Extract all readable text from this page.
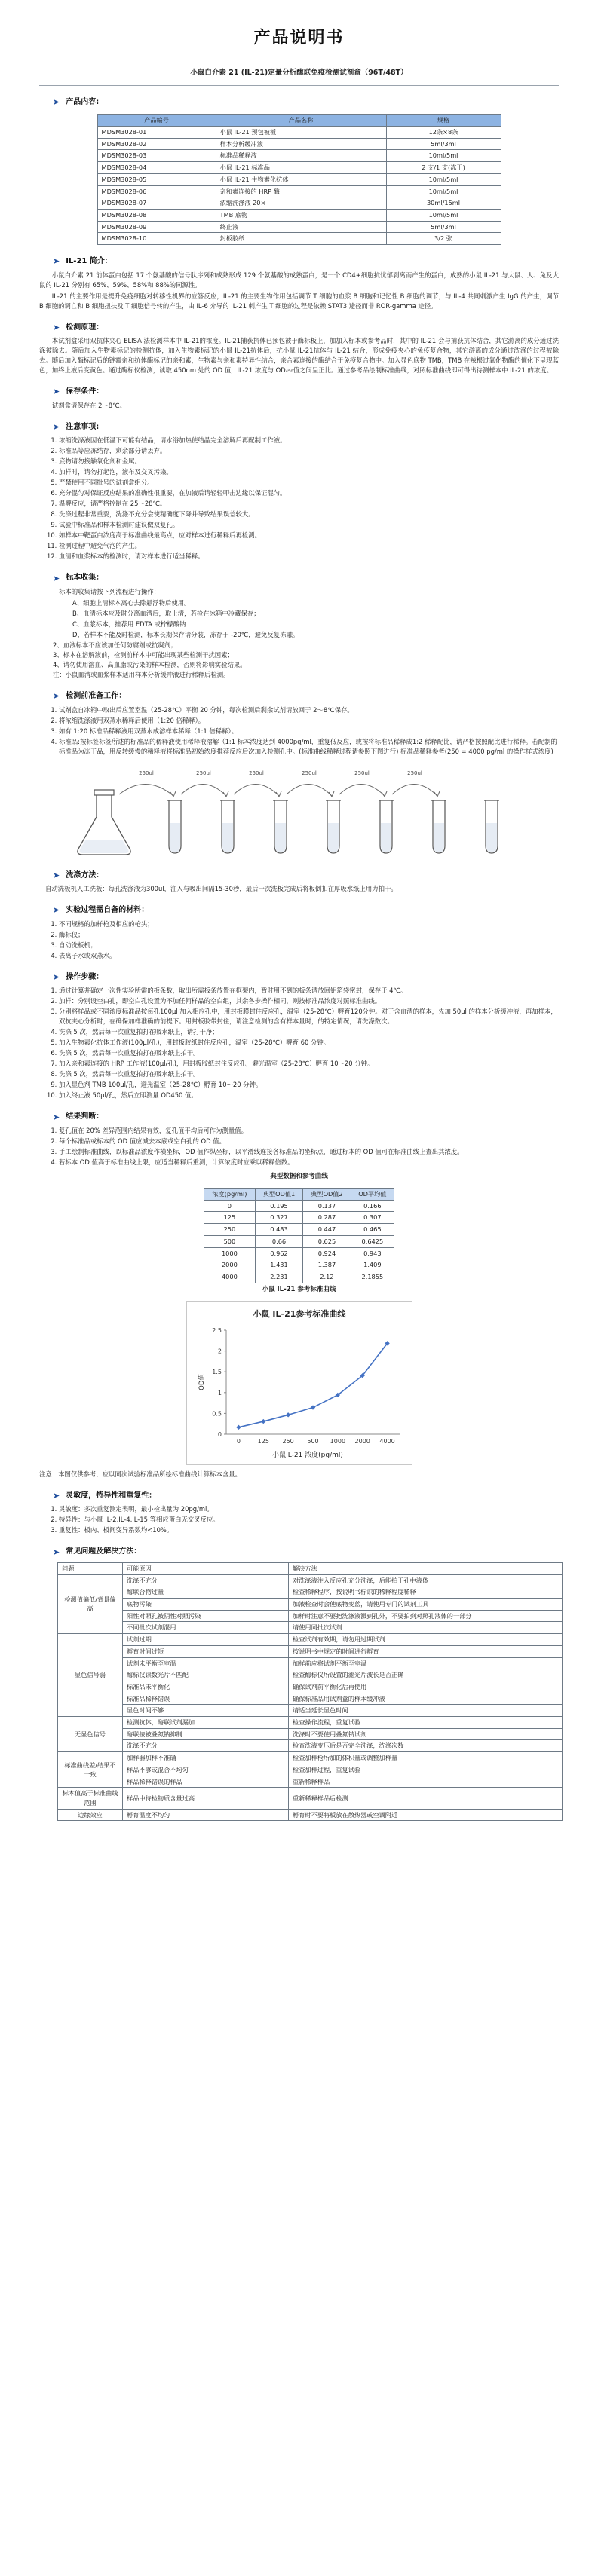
产品说明书
小鼠白介素 21 (IL-21)定量分析酶联免疫检测试剂盒（96T/48T）
➤ 产品内容:
产品编号	产品名称	规格
MDSM3028-01	小鼠 IL-21 预包被板	12条×8条
MDSM3028-02	样本分析缓冲液	5ml/3ml
MDSM3028-03	标准品稀释液	10ml/5ml
MDSM3028-04	小鼠 IL-21 标准品	2 支/1 支(冻干)
MDSM3028-05	小鼠 IL-21 生物素化抗体	10ml/5ml
MDSM3028-06	亲和素连接的 HRP 酶	10ml/5ml
MDSM3028-07	浓缩洗涤液 20×	30ml/15ml
MDSM3028-08	TMB 底物	10ml/5ml
MDSM3028-09	终止液	5ml/3ml
MDSM3028-10	封板胶纸	3/2 张
➤ IL-21 简介：
小鼠白介素 21 前体蛋白包括 17 个氨基酸的信号肽序列和成熟形成 129 个氨基酸的成熟蛋白，是一个 CD4+细胞抗忧郁剥离而产生的蛋白，成熟的小鼠 IL-21 与大鼠、人、兔及大鼠的 IL-21 分别有 65%、59%、58%和 88%的同源性。
IL-21 的主要作用是提升免疫细胞对转移性机界的应答反应，IL-21 的主要生物作用包括调节 T 细胞的血浆 B 细胞和记忆性 B 细胞的调节，与 IL-4 共同刺激产生 IgG 的产生，调节 B 细胞的调亡和 B 细胞扭扶及 T 细胞信号转的产生，由 IL-6 介导的 IL-21 刺产生 T 细胞的过程是依赖 STAT3 途径而非 ROR-gamma 途径。
➤ 检测原理：
本试剂盒采用双抗体夹心 ELISA 法检测样本中 IL-21的浓度。IL-21捕获抗体已预包被于酶标板上，加加入标本或参考品时，其中的 IL-21 会与捕获抗体结合，其它游离的成分通过洗涤被除去。随后加入生物素标记的检测抗体，加入生物素标记的小鼠 IL-21抗体后，抗小鼠 IL-21抗体与 IL-21 结合，形成免疫夹心的免疫复合物，其它游离的成分通过洗涤的过程被除去。随后加入酶标记后的链霉亲和抗体酶标记的亲和素，生物素与亲和素特异性结合，亲合素连接的酶结合于免疫复合物中。加入显色底物 TMB，TMB 在辣根过氧化物酶的催化下呈现蓝色，加终止液后变黄色。通过酶标仪检测，读取 450nm 处的 OD 值，IL-21 浓度与 OD₄₅₀值之间呈正比。通过参考品绘制标准曲线，对照标准曲线即可得出待测样本中 IL-21 的浓度。
➤ 保存条件：
试剂盒请保存在 2～8℃。
➤ 注意事项:
1. 浓缩洗涤液因在低温下可能有结晶，请水浴加热使结晶完全溶解后再配制工作液。
2. 标准品等应冻结存，剩余部分请丢弃。
3. 底物请勿接触氧化剂和金属。
4. 加样时，请勿打起泡，液布及交叉污染。
5. 严禁使用不同批号的试剂盒组分。
6. 充分混匀对保证反应结果的准确性很重要，在加液后请轻轻叩击边缘以保证混匀。
7. 温孵反应，请严格控制在 25～28℃。
8. 洗涤过程非常重要，洗涤不充分会使精确度下降并导致结果误差较大。
9. 试验中标准品和样本检测时建议做双复孔。
10. 如样本中靶蛋白浓度高于标准曲线最高点，应对样本进行稀释后再检测。
11. 检测过程中避免气泡的产生。
12. 血清和血浆标本的检测时，请对样本进行适当稀释。
➤ 标本收集：
标本的收集请按下列流程进行操作：
A、细胞上清标本离心去除悬浮物后使用。
B、血清标本应及时分离血清后，取上清，若检在冰箱中冷藏保存；
C、血浆标本，推荐用 EDTA 或柠檬酸钠
D、若样本不能及时检测，标本长期保存请分装，冻存于 -20℃，避免反复冻融。
2、血液标本不应该加任何防腐剂或抗凝剂；
3、标本在溶解液前，检测前样本中可能出现某些检测干扰因素；
4、请勿使用溶血、高血脂或污染的样本检测，否则将影响实验结果。
注：小鼠血清或血浆样本适用样本分析缓冲液进行稀释后检测。
➤ 检测前准备工作：
1. 试剂盒自冰箱中取出后应置室温（25-28℃）平衡 20 分钟，每次检测后剩余试剂请放回于 2～8℃保存。
2. 将浓缩洗涤液用双蒸水稀释后使用（1:20 倍稀释）。
3. 如有 1:20 标准品稀释液用双蒸水成溶样本稀释（1:1 倍稀释）。
4. 标准品:按标签标签所述的标准品的稀释液使用稀释液溶解（1:1 标本浓度达到 4000pg/ml，重复低反应，或按将标准品稀释成1:2 稀释配比，请严格按照配比进行稀释。若配制的标准品为冻干品，用反转缓慢的稀释液将标准品初始浓度推荐反应后次加入检测孔中。(标准曲线稀释过程请参照下图进行) 标准品稀释参考(250 = 4000 pg/ml 的操作样式浓度)
250ul	250ul	250ul	250ul	250ul	250ul
➤ 洗涤方法：
自动洗板机人工洗板：每孔洗涤液为300ul，注入与吸出间隔15-30秒，最后一次洗板完成后将板倒扣在厚吸水纸上用力拍干。
➤ 实验过程需自备的材料：
1. 不同规格的加样枪及相应的枪头；
2. 酶标仪；
3. 自动洗板机；
4. 去离子水或双蒸水。
➤ 操作步骤：
1. 通过计算并确定一次性实验所需的板条数，取出所需板条放置在框架内，暂时用不到的板条请放回铝箔袋密封，保存于 4℃。
2. 加样：分别设空白孔，即空白孔设置为不加任何样品的空白组，其余各步操作相同，则按标准品浓度对照标准曲线。
3. 分别将样品或不同浓度标准品按每孔100μl 加入相应孔中，用封板膜封住反应孔，温室（25-28℃）孵育120分钟。对于含血清的样本，先加 50μl 的样本分析缓冲液，再加样本，双抗夹心分析时，在确保加样准确的前提下。用封板胶带封住，请注意检测的含有样本量时，的特定情况，请洗涤数次。
4. 洗涤 5 次，然后每一次重复拍打在吸水纸上，请打干净；
5. 加入生物素化抗体工作液(100μl/孔)，用封板胶纸封住反应孔，温室（25-28℃）孵育 60 分钟。
6. 洗涤 5 次，然后每一次重复拍打在吸水纸上拍干。
7. 加入亲和素连接的 HRP 工作液(100μl/孔)，用封板胶纸封住反应孔，避光温室（25-28℃）孵育 10～20 分钟。
8. 洗涤 5 次，然后每一次重复拍打在吸水纸上拍干。
9. 加入显色剂 TMB 100μl/孔，避光温室（25-28℃）孵育 10～20 分钟。
10. 加入终止液 50μl/孔，然后立即测量 OD450 值。
➤ 结果判断：
1. 复孔值在 20% 差异范围内结果有效，复孔值平均后可作为测量值。
2. 每个标准品或标本的 OD 值应减去本底或空白孔的 OD 值。
3. 手工绘制标准曲线，以标准品浓度作横坐标，OD 值作纵坐标，以平滑线连接各标准品的坐标点，通过标本的 OD 值可在标准曲线上查出其浓度。
4. 若标本 OD 值高于标准曲线上限，应适当稀释后重测，计算浓度时应乘以稀释倍数。
典型数据和参考曲线
浓度(pg/ml)	典型OD值1	典型OD值2	OD平均值
0	0.195	0.137	0.166
125	0.327	0.287	0.307
250	0.483	0.447	0.465
500	0.66	0.625	0.6425
1000	0.962	0.924	0.943
2000	1.431	1.387	1.409
4000	2.231	2.12	2.1855
小鼠 IL-21 参考标准曲线
小鼠 IL-21参考标准曲线
OD值
小鼠IL-21 浓度(pg/ml)
0
0.5
1
1.5
2
2.5
0	125 250 500 1000 2000 4000
注意：本图仅供参考，应以同次试验标准品所绘标准曲线计算标本含量。
➤ 灵敏度，特异性和重复性：
1. 灵敏度：多次重复测定表明，最小检出量为 20pg/ml。
2. 特异性：与小鼠 IL-2,IL-4,IL-15 等相应蛋白无交叉反应。
3. 重复性：板内、板间变异系数均<10%。
➤ 常见问题及解决方法：
问题	可能原因	解决方法
检测值偏低/背景偏高	洗涤不充分	对洗涤液注入反应孔充分洗涤，后能拍干孔中液体
	酶联合物过量	检查稀释程序，按说明书标识的稀释程度稀释
	底物污染	加液检查时会使底物变蓝，请使用专门的试剂工具
	阳性对照孔被阴性对照污染	加样时注意不要把洗涤液溅到孔外，不要拍到对照孔液体的一部分
	不同批次试剂混用	请使用同批次试剂
显色信号弱	试剂过期	检查试剂有效期，请勿用过期试剂
	孵育时间过短	按说明书中规定的时间进行孵育
	试剂未平衡至室温	加样前应将试剂平衡至室温
	酶标仪读数光片不匹配	检查酶标仪所设置的滤光片波长是否正确
	标准品未平衡化	确保试剂前平衡化后再使用
	标准品稀释错误	确保标准品用试剂盒的样本缓冲液
	显色时间不够	请适当延长显色时间
无显色信号	检测抗体，酶联试剂漏加	检查操作流程，重复试验
	酶联接被叠氮钠抑制	洗涤时不要使用叠氮钠试剂
	洗涤不充分	检查洗液变压后是否完全洗涤，洗涤次数
标准曲线差/结果不一致	加样器加样不准确	检查加样枪所加的体积量或调整加样量
	样品不够或混合不均匀	检查加样过程，重复试验
	样品稀释错误的样品	重新稀释样品
标本值高于标准曲线范围	样品中待检物质含量过高	重新稀释样品后检测
边缘效应	孵育温度不均匀	孵育时不要将板放在散热器或空调附近
